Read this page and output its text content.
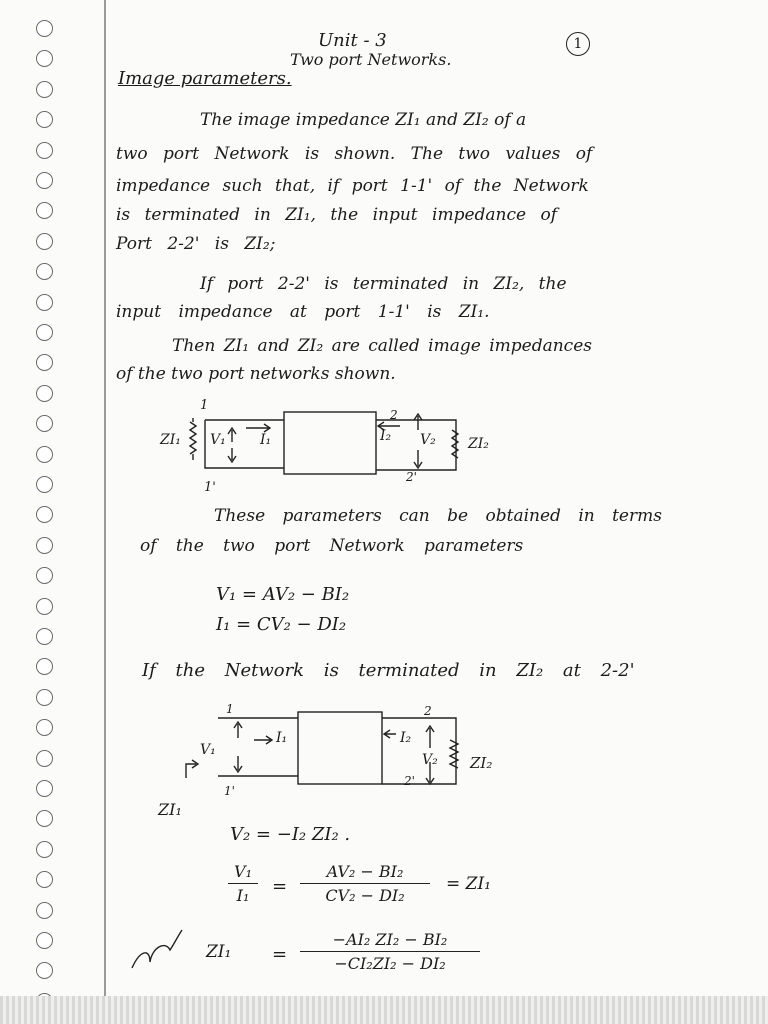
Unit - 3	1
Two port Networks.
Image parameters.
The image impedance ZI₁ and ZI₂ of a
two port Network is shown. The two values of
impedance such that, if port 1-1' of the Network
is terminated in ZI₁, the input impedance of
Port 2-2' is ZI₂;
If port 2-2' is terminated in ZI₂, the
input impedance at port 1-1' is ZI₁.
Then ZI₁ and ZI₂ are called image impedances
of the two port networks shown.
ZI₁
1
V₁ I₁
1'
I₂
2
V₂ ZI₂
2'
These parameters can be obtained in terms
of the two port Network parameters
V₁ = AV₂ − BI₂
I₁ = CV₂ − DI₂
If the Network is terminated in ZI₂ at 2-2'
1
V₁
I₁
1'
ZI₁
I₂
2
V₂ ZI₂
2'
V₂ = −I₂ ZI₂ .
V₁
I₁	=
AV₂ − BI₂
CV₂ − DI₂
= ZI₁
ZI₁ =
−AI₂ ZI₂ − BI₂
−CI₂ZI₂ − DI₂
